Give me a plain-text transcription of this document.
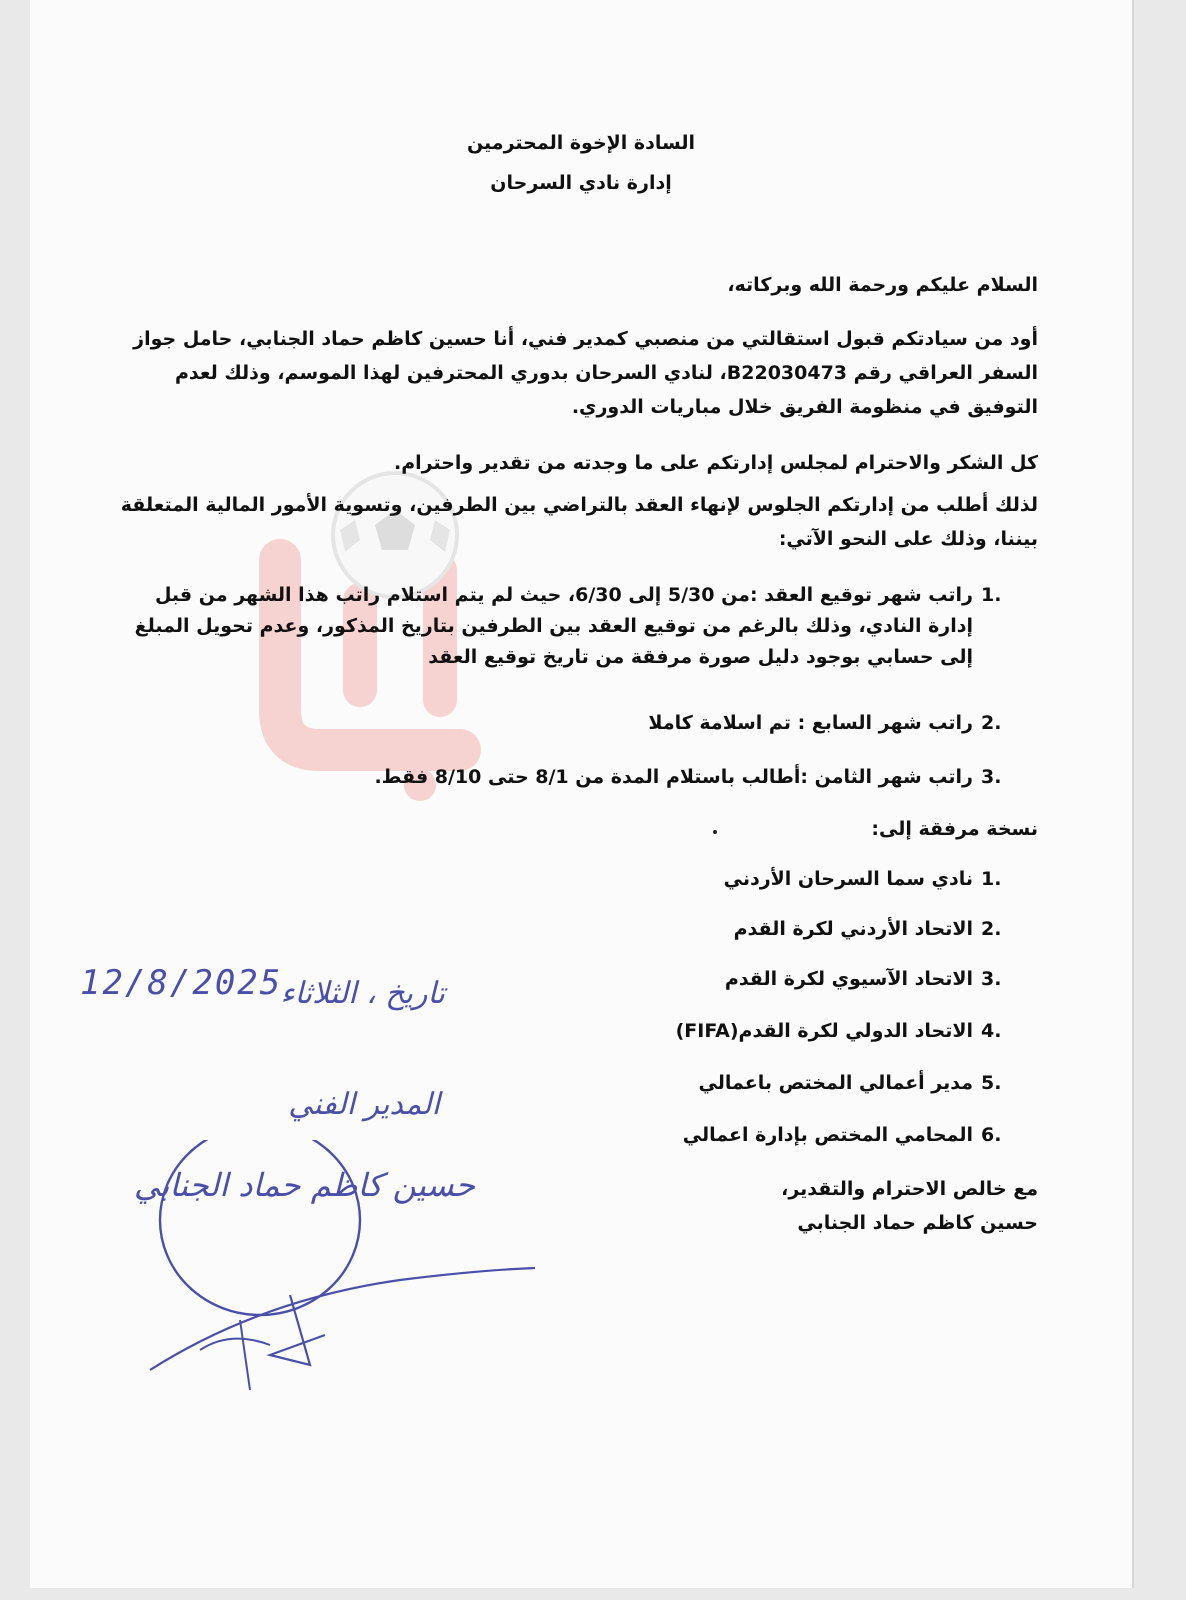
السادة الإخوة المحترمين
إدارة نادي السرحان
السلام عليكم ورحمة الله وبركاته،
أود من سيادتكم قبول استقالتي من منصبي كمدير فني، أنا حسين كاظم حماد الجنابي، حامل جواز السفر العراقي رقم B22030473، لنادي السرحان بدوري المحترفين لهذا الموسم، وذلك لعدم التوفيق في منظومة الفريق خلال مباريات الدوري.
كل الشكر والاحترام لمجلس إدارتكم على ما وجدته من تقدير واحترام.
لذلك أطلب من إدارتكم الجلوس لإنهاء العقد بالتراضي بين الطرفين، وتسوية الأمور المالية المتعلقة بيننا، وذلك على النحو الآتي:
1.
راتب شهر توقيع العقد :من 5/30 إلى 6/30، حيث لم يتم استلام راتب هذا الشهر من قبل إدارة النادي، وذلك بالرغم من توقيع العقد بين الطرفين بتاريخ المذكور، وعدم تحويل المبلغ إلى حسابي بوجود دليل صورة مرفقة من تاريخ توقيع العقد
2.
راتب شهر السابع : تم اسلامة كاملا
3.
راتب شهر الثامن :أطالب باستلام المدة من 8/1 حتى 8/10 فقط.
نسخة مرفقة إلى:
1.
نادي سما السرحان الأردني
2.
الاتحاد الأردني لكرة القدم
3.
الاتحاد الآسيوي لكرة القدم
4.
الاتحاد الدولي لكرة القدم(FIFA)
5.
مدير أعمالي المختص باعمالي
6.
المحامي المختص بإدارة اعمالي
مع خالص الاحترام والتقدير،
حسين كاظم حماد الجنابي
تاريخ ، الثلاثاء
12/8/2025
المدير الفني
حسين كاظم حماد الجنابي
